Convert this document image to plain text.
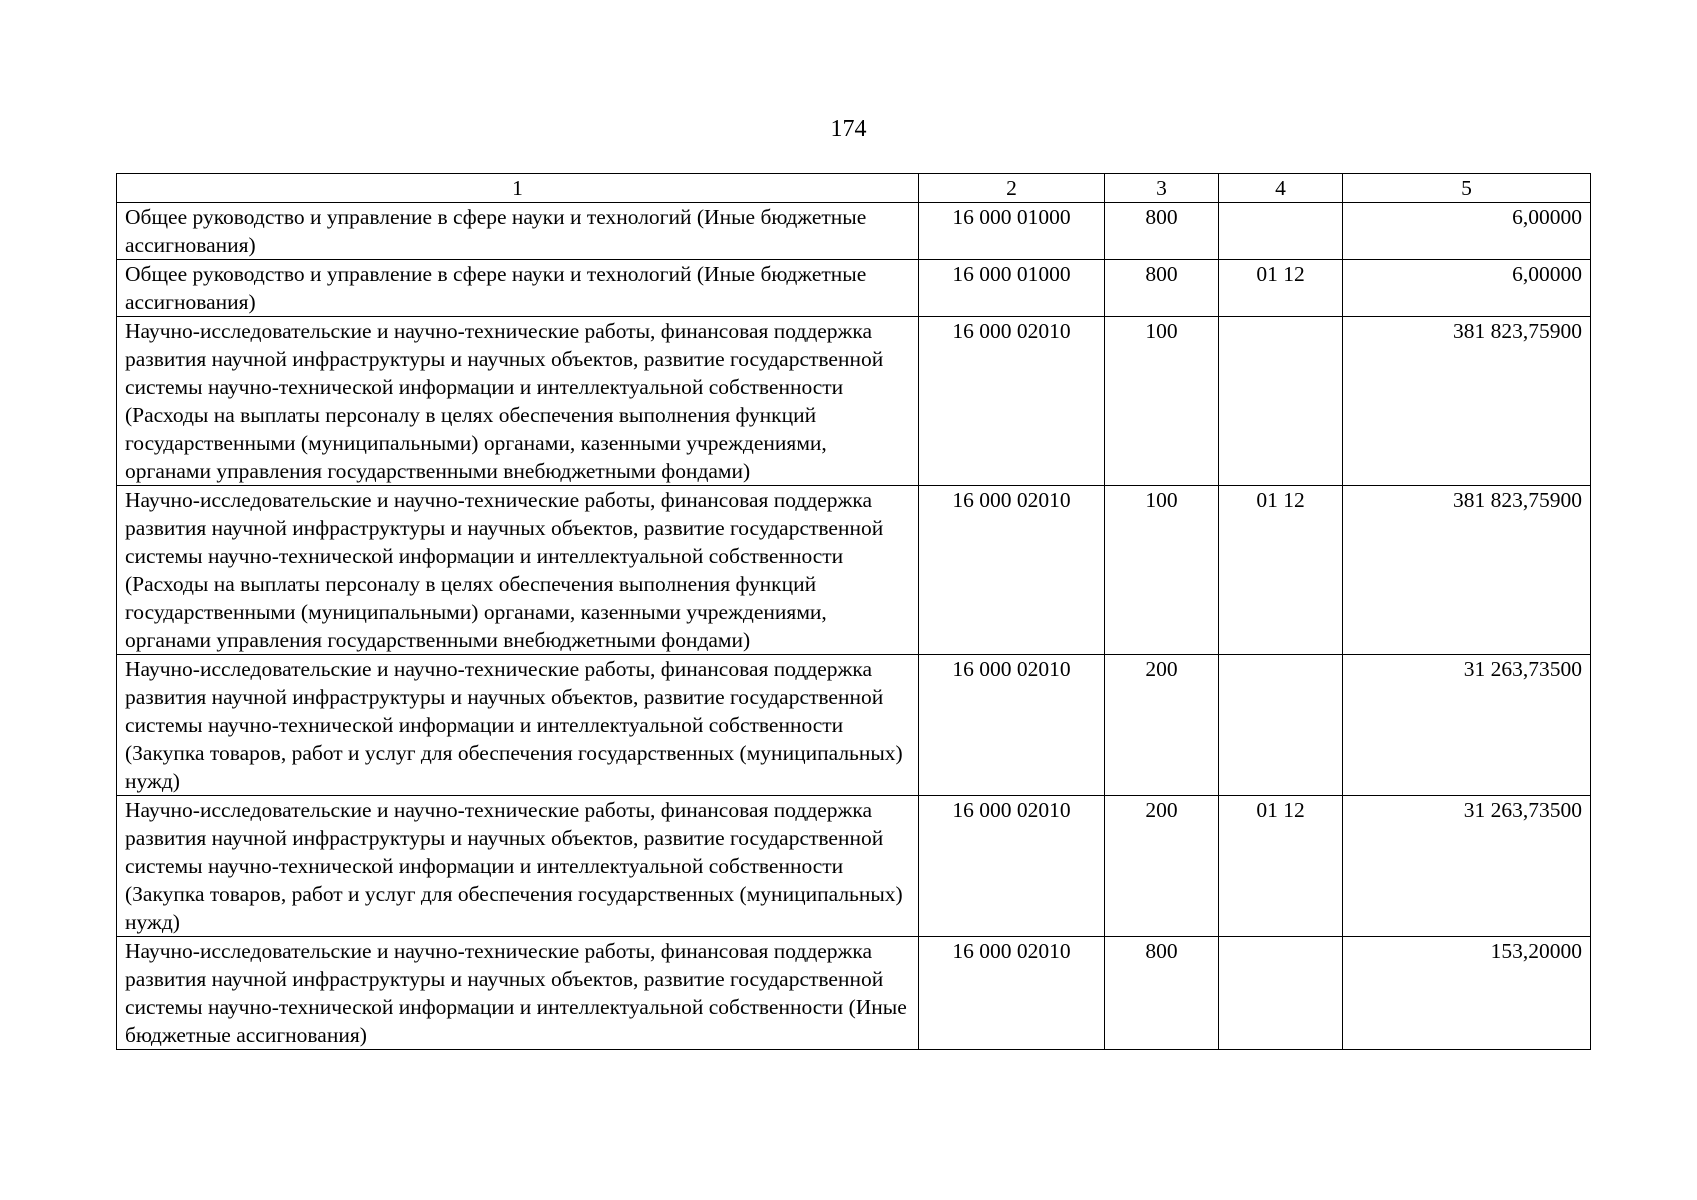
174
1	2	3	4	5
Общее руководство и управление в сфере науки и технологий (Иные бюджетные ассигнования)	16 000 01000	800		6,00000
Общее руководство и управление в сфере науки и технологий (Иные бюджетные ассигнования)	16 000 01000	800	01 12	6,00000
Научно-исследовательские и научно-технические работы, финансовая поддержка развития научной инфраструктуры и научных объектов, развитие государственной системы научно-технической информации и интеллектуальной собственности (Расходы на выплаты персоналу в целях обеспечения выполнения функций государственными (муниципальными) органами, казенными учреждениями, органами управления государственными внебюджетными фондами)	16 000 02010	100		381 823,75900
Научно-исследовательские и научно-технические работы, финансовая поддержка развития научной инфраструктуры и научных объектов, развитие государственной системы научно-технической информации и интеллектуальной собственности (Расходы на выплаты персоналу в целях обеспечения выполнения функций государственными (муниципальными) органами, казенными учреждениями, органами управления государственными внебюджетными фондами)	16 000 02010	100	01 12	381 823,75900
Научно-исследовательские и научно-технические работы, финансовая поддержка развития научной инфраструктуры и научных объектов, развитие государственной системы научно-технической информации и интеллектуальной собственности (Закупка товаров, работ и услуг для обеспечения государственных (муниципальных) нужд)	16 000 02010	200		31 263,73500
Научно-исследовательские и научно-технические работы, финансовая поддержка развития научной инфраструктуры и научных объектов, развитие государственной системы научно-технической информации и интеллектуальной собственности (Закупка товаров, работ и услуг для обеспечения государственных (муниципальных) нужд)	16 000 02010	200	01 12	31 263,73500
Научно-исследовательские и научно-технические работы, финансовая поддержка развития научной инфраструктуры и научных объектов, развитие государственной системы научно-технической информации и интеллектуальной собственности (Иные бюджетные ассигнования)	16 000 02010	800		153,20000
